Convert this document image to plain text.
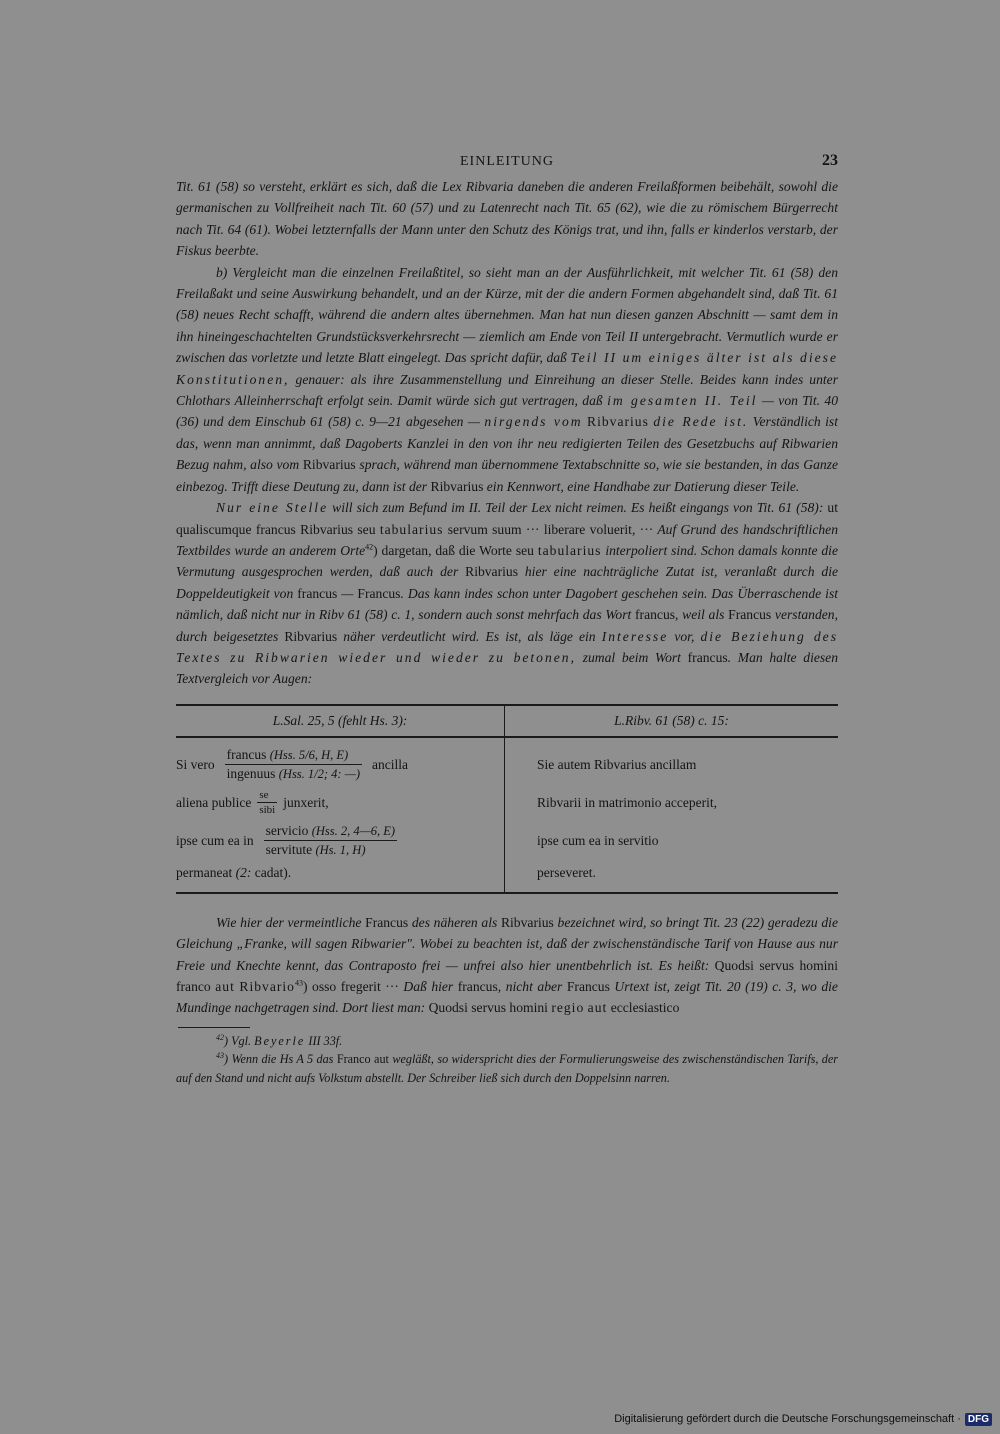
EINLEITUNG	23

Tit. 61 (58) so versteht, erklärt es sich, daß die Lex Ribvaria daneben die anderen Freilaßformen beibehält, sowohl die germanischen zu Vollfreiheit nach Tit. 60 (57) und zu Latenrecht nach Tit. 65 (62), wie die zu römischem Bürgerrecht nach Tit. 64 (61). Wobei letzternfalls der Mann unter den Schutz des Königs trat, und ihn, falls er kinderlos verstarb, der Fiskus beerbte.

b) Vergleicht man die einzelnen Freilaßtitel, so sieht man an der Ausführlichkeit, mit welcher Tit. 61 (58) den Freilaßakt und seine Auswirkung behandelt, und an der Kürze, mit der die andern Formen abgehandelt sind, daß Tit. 61 (58) neues Recht schafft, während die andern altes übernehmen. Man hat nun diesen ganzen Abschnitt — samt dem in ihn hineingeschachtelten Grundstücksverkehrsrecht — ziemlich am Ende von Teil II untergebracht. Vermutlich wurde er zwischen das vorletzte und letzte Blatt eingelegt. Das spricht dafür, daß Teil II um einiges älter ist als diese Konstitutionen, genauer: als ihre Zusammenstellung und Einreihung an dieser Stelle. Beides kann indes unter Chlothars Alleinherrschaft erfolgt sein. Damit würde sich gut vertragen, daß im gesamten II. Teil — von Tit. 40 (36) und dem Einschub 61 (58) c. 9—21 abgesehen — nirgends vom Ribvarius die Rede ist. Verständlich ist das, wenn man annimmt, daß Dagoberts Kanzlei in den von ihr neu redigierten Teilen des Gesetzbuchs auf Ribwarien Bezug nahm, also vom Ribvarius sprach, während man übernommene Textabschnitte so, wie sie bestanden, in das Ganze einbezog. Trifft diese Deutung zu, dann ist der Ribvarius ein Kennwort, eine Handhabe zur Datierung dieser Teile.

Nur eine Stelle will sich zum Befund im II. Teil der Lex nicht reimen. Es heißt eingangs von Tit. 61 (58): ut qualiscumque francus Ribvarius seu tabularius servum suum ··· liberare voluerit, ··· Auf Grund des handschriftlichen Textbildes wurde an anderem Orte$^{42}$) dargetan, daß die Worte seu tabularius interpoliert sind. Schon damals konnte die Vermutung ausgesprochen werden, daß auch der Ribvarius hier eine nachträgliche Zutat ist, veranlaßt durch die Doppeldeutigkeit von francus — Francus. Das kann indes schon unter Dagobert geschehen sein. Das Überraschende ist nämlich, daß nicht nur in Ribv 61 (58) c. 1, sondern auch sonst mehrfach das Wort francus, weil als Francus verstanden, durch beigesetztes Ribvarius näher verdeutlicht wird. Es ist, als läge ein Interesse vor, die Beziehung des Textes zu Ribwarien wieder und wieder zu betonen, zumal beim Wort francus. Man halte diesen Textvergleich vor Augen:

L.Sal. 25, 5 (fehlt Hs. 3):	L.Ribv. 61 (58) c. 15:
Si vero $\frac{\text{francus (Hss. 5/6, H, E)}}{\text{ingenuus (Hss. 1/2; 4: —)}}$ ancilla
aliena publice $\frac{se}{\text{sibi}}$ junxerit,
ipse cum ea in $\frac{\text{servicio (Hss. 2, 4—6, E)}}{\text{servitute (Hs. 1, H)}}$
permaneat
(2:
cadat).
Sie autem Ribvarius ancillam
Ribvarii in matrimonio acceperit,
ipse cum ea in servitio
perseveret.

Wie hier der vermeintliche Francus des näheren als Ribvarius bezeichnet wird, so bringt Tit. 23 (22) geradezu die Gleichung „Franke, will sagen Ribwarier". Wobei zu beachten ist, daß der zwischenständische Tarif von Hause aus nur Freie und Knechte kennt, das Contraposto frei — unfrei also hier unentbehrlich ist. Es heißt: Quodsi servus homini franco aut Ribvario$^{43}$) osso fregerit ··· Daß hier francus, nicht aber Francus Urtext ist, zeigt Tit. 20 (19) c. 3, wo die Mundinge nachgetragen sind. Dort liest man: Quodsi servus homini regio aut ecclesiastico

$^{42}$) Vgl. Beyerle III 33f.

$^{43}$) Wenn die Hs A 5 das Franco aut wegläßt, so widerspricht dies der Formulierungsweise des zwischenständischen Tarifs, der auf den Stand und nicht aufs Volkstum abstellt. Der Schreiber ließ sich durch den Doppelsinn narren.

Digitalisierung gefördert durch die Deutsche Forschungsgemeinschaft · DFG
